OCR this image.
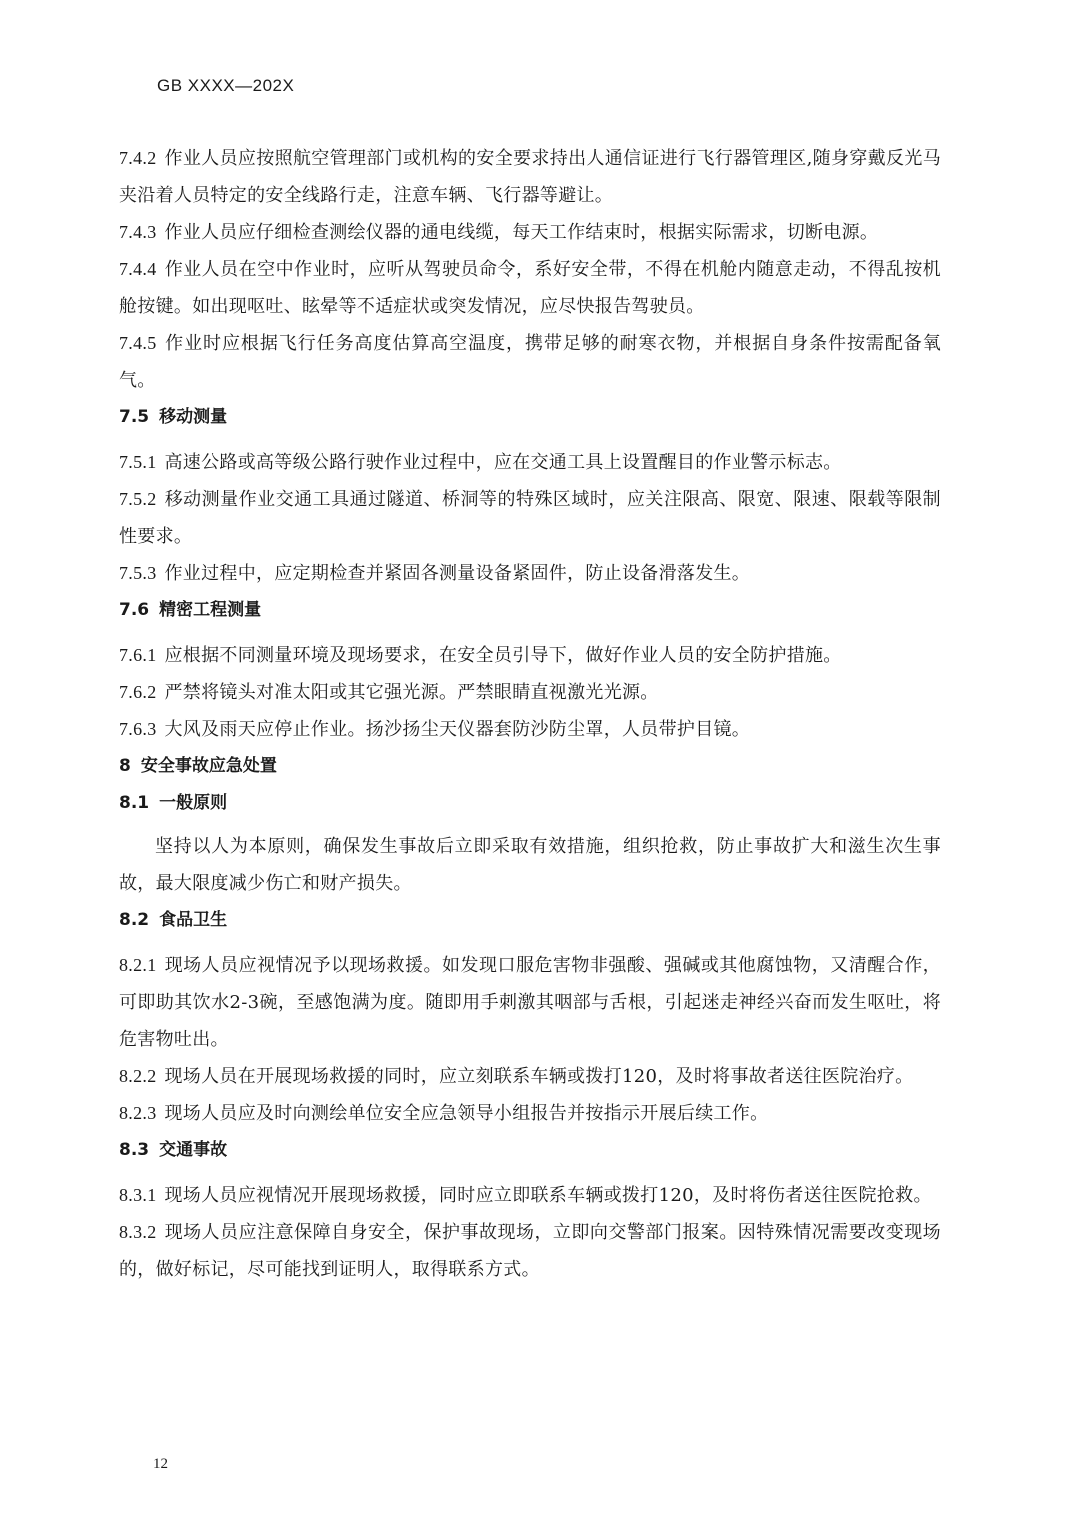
GB XXXX—202X

7.4.2 作业人员应按照航空管理部门或机构的安全要求持出人通信证进行飞行器管理区,随身穿戴反光马夹沿着人员特定的安全线路行走，注意车辆、飞行器等避让。

7.4.3 作业人员应仔细检查测绘仪器的通电线缆，每天工作结束时，根据实际需求，切断电源。

7.4.4 作业人员在空中作业时，应听从驾驶员命令，系好安全带，不得在机舱内随意走动，不得乱按机舱按键。如出现呕吐、眩晕等不适症状或突发情况，应尽快报告驾驶员。

7.4.5 作业时应根据飞行任务高度估算高空温度，携带足够的耐寒衣物，并根据自身条件按需配备氧气。

7.5 移动测量

7.5.1 高速公路或高等级公路行驶作业过程中，应在交通工具上设置醒目的作业警示标志。

7.5.2 移动测量作业交通工具通过隧道、桥洞等的特殊区域时，应关注限高、限宽、限速、限载等限制性要求。

7.5.3 作业过程中，应定期检查并紧固各测量设备紧固件，防止设备滑落发生。

7.6 精密工程测量

7.6.1 应根据不同测量环境及现场要求，在安全员引导下，做好作业人员的安全防护措施。

7.6.2 严禁将镜头对准太阳或其它强光源。严禁眼睛直视激光光源。

7.6.3 大风及雨天应停止作业。扬沙扬尘天仪器套防沙防尘罩，人员带护目镜。

8 安全事故应急处置
8.1 一般原则

坚持以人为本原则，确保发生事故后立即采取有效措施，组织抢救，防止事故扩大和滋生次生事故，最大限度减少伤亡和财产损失。

8.2 食品卫生

8.2.1 现场人员应视情况予以现场救援。如发现口服危害物非强酸、强碱或其他腐蚀物，又清醒合作，可即助其饮水2-3碗，至感饱满为度。随即用手刺激其咽部与舌根，引起迷走神经兴奋而发生呕吐，将危害物吐出。

8.2.2 现场人员在开展现场救援的同时，应立刻联系车辆或拨打120，及时将事故者送往医院治疗。

8.2.3 现场人员应及时向测绘单位安全应急领导小组报告并按指示开展后续工作。

8.3 交通事故

8.3.1 现场人员应视情况开展现场救援，同时应立即联系车辆或拨打120，及时将伤者送往医院抢救。

8.3.2 现场人员应注意保障自身安全，保护事故现场，立即向交警部门报案。因特殊情况需要改变现场的，做好标记，尽可能找到证明人，取得联系方式。

12
